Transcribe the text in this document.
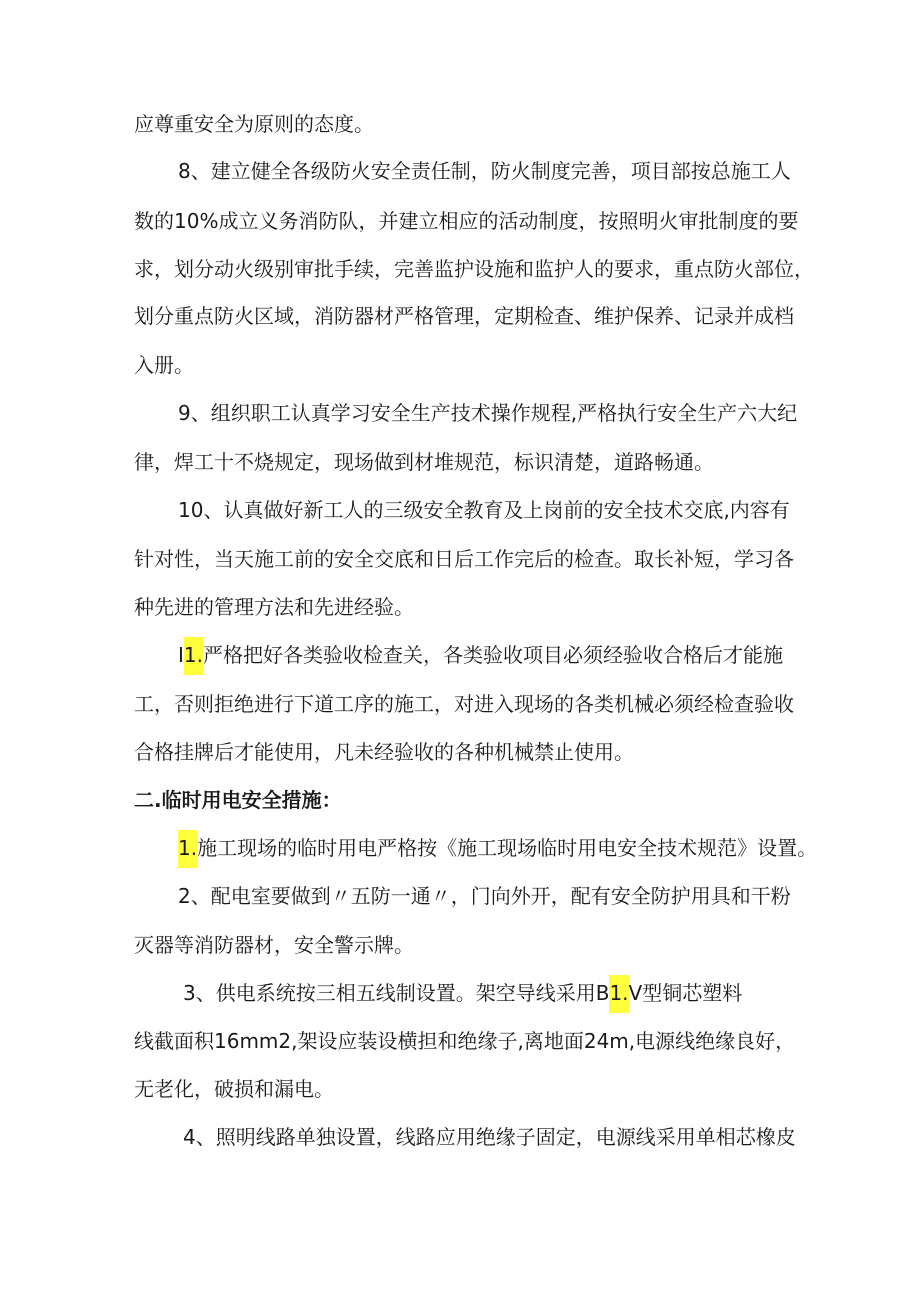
应尊重安全为原则的态度。
8、建立健全各级防火安全责任制，防火制度完善，项目部按总施工人
数的10%成立义务消防队，并建立相应的活动制度，按照明火审批制度的要
求，划分动火级别审批手续，完善监护设施和监护人的要求，重点防火部位，
划分重点防火区域，消防器材严格管理，定期检查、维护保养、记录并成档
入册。
9、组织职工认真学习安全生产技术操作规程,严格执行安全生产六大纪
律，焊工十不烧规定，现场做到材堆规范，标识清楚，道路畅通。
10、认真做好新工人的三级安全教育及上岗前的安全技术交底,内容有
针对性，当天施工前的安全交底和日后工作完后的检查。取长补短，学习各
种先进的管理方法和先进经验。
I1.严格把好各类验收检查关，各类验收项目必须经验收合格后才能施
工，否则拒绝进行下道工序的施工，对进入现场的各类机械必须经检查验收
合格挂牌后才能使用，凡未经验收的各种机械禁止使用。
二.临时用电安全措施：
1.施工现场的临时用电严格按《施工现场临时用电安全技术规范》设置。
2、配电室要做到〃五防一通〃，门向外开，配有安全防护用具和干粉
灭器等消防器材，安全警示牌。
3、供电系统按三相五线制设置。架空导线采用B1.V型铜芯塑料
线截面积16mm2,架设应装设横担和绝缘子,离地面24m,电源线绝缘良好，
无老化，破损和漏电。
4、照明线路单独设置，线路应用绝缘子固定，电源线采用单相芯橡皮
